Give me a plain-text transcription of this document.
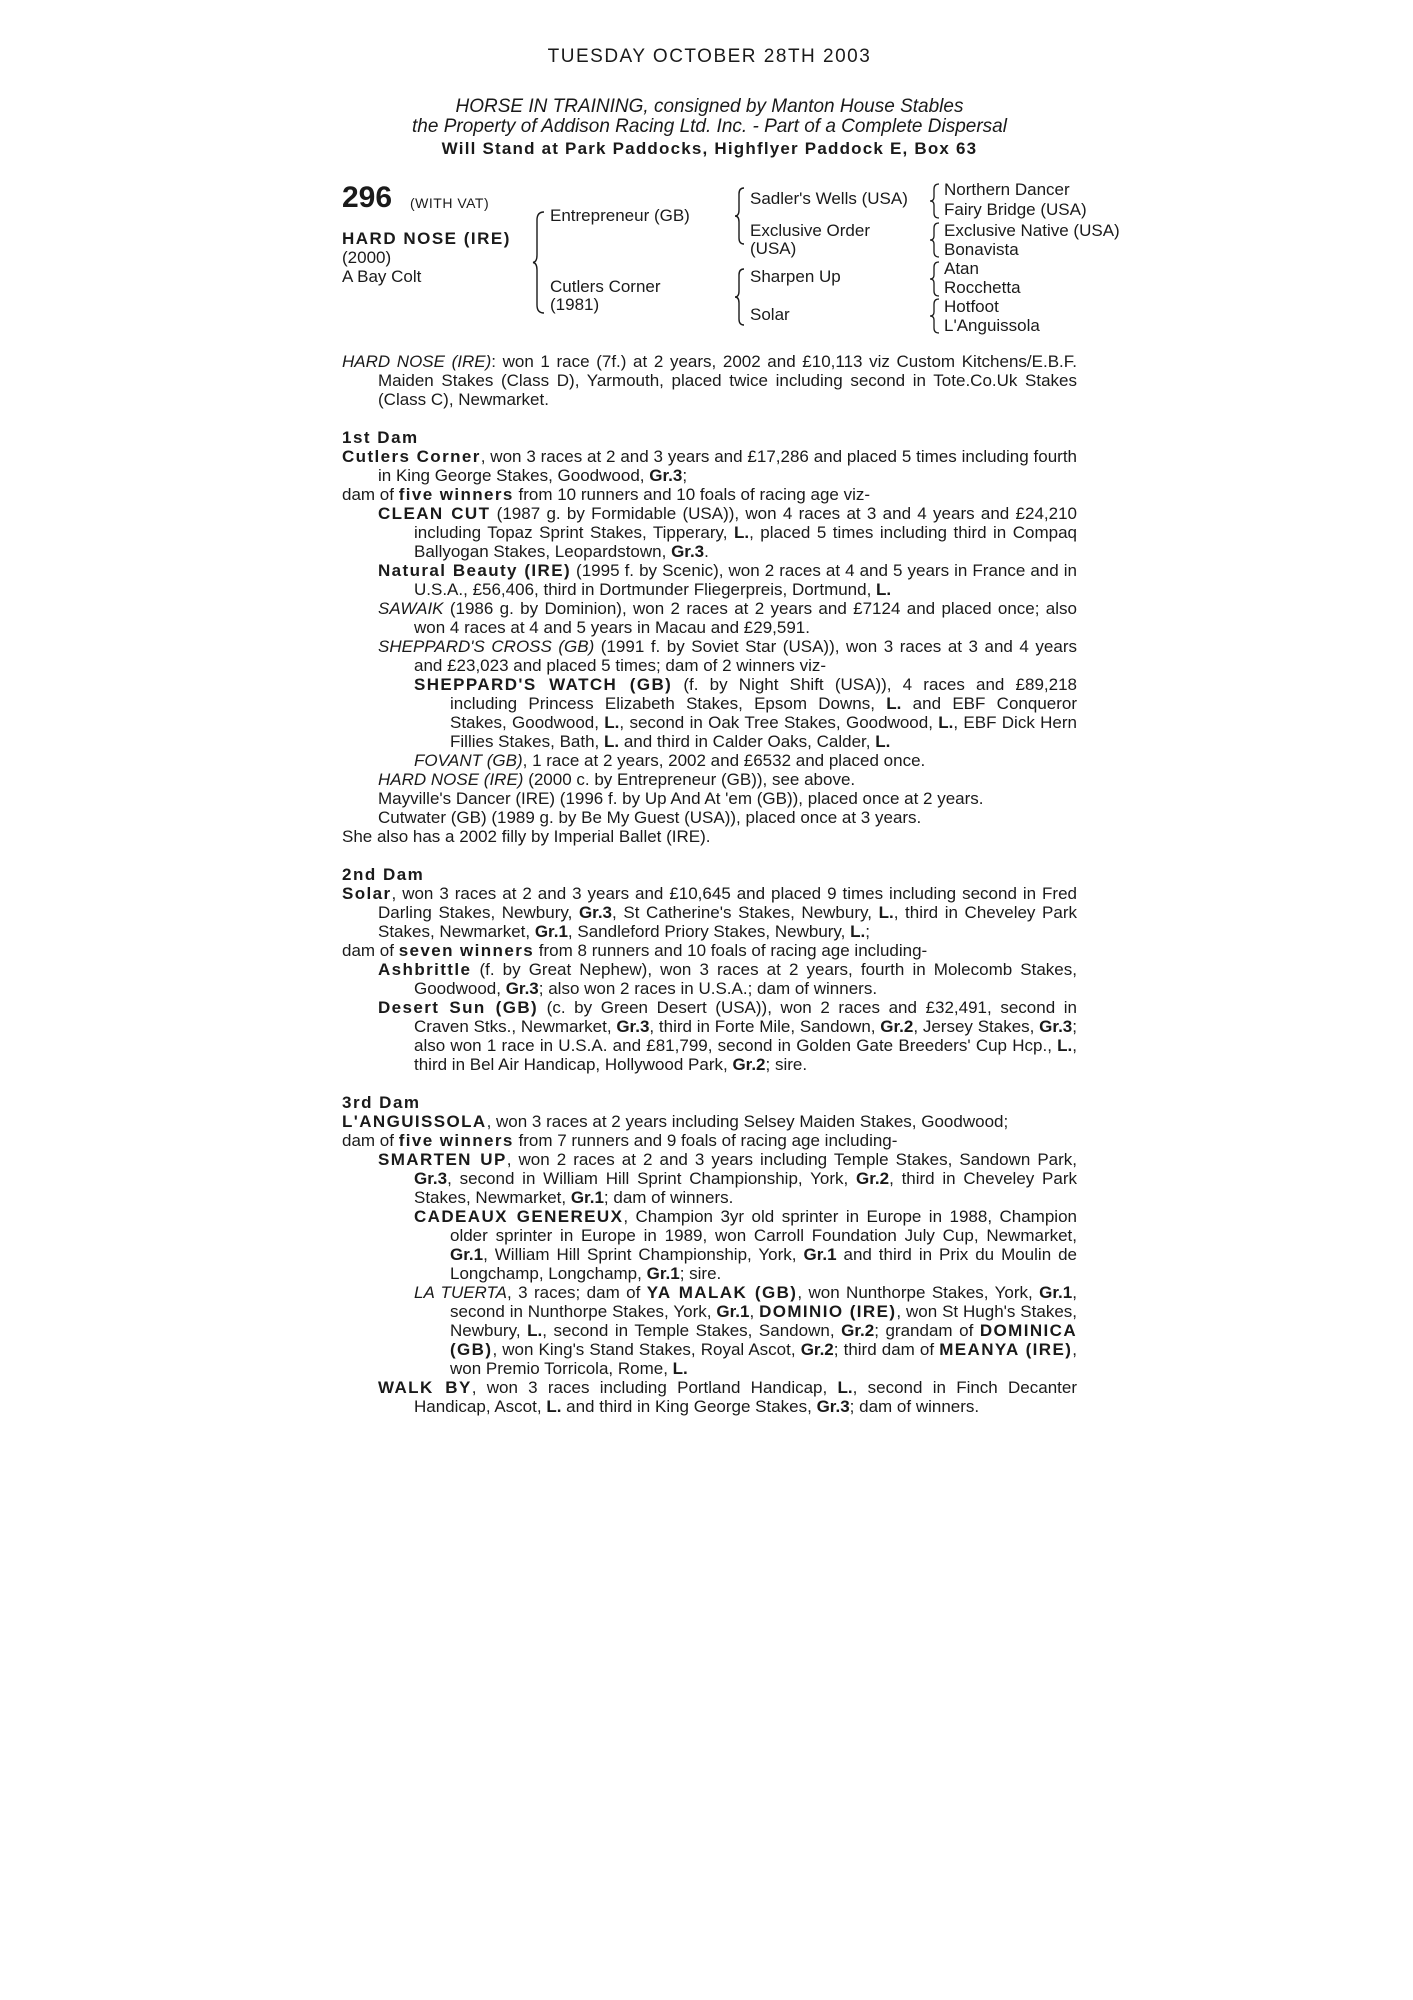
TUESDAY OCTOBER 28TH 2003
HORSE IN TRAINING, consigned by Manton House Stables
the Property of Addison Racing Ltd. Inc. - Part of a Complete Dispersal
Will Stand at Park Paddocks, Highflyer Paddock E, Box 63
296 (WITH VAT)
HARD NOSE (IRE)
(2000)
A Bay Colt
Entrepreneur (GB)
Cutlers Corner
(1981)
Sadler's Wells (USA)
Exclusive Order
(USA)
Sharpen Up
Solar
Northern Dancer
Fairy Bridge (USA)
Exclusive Native (USA)
Bonavista
Atan
Rocchetta
Hotfoot
L'Anguissola

HARD NOSE (IRE): won 1 race (7f.) at 2 years, 2002 and £10,113 viz Custom Kitchens/E.B.F. Maiden Stakes (Class D), Yarmouth, placed twice including second in Tote.Co.Uk Stakes (Class C), Newmarket.

1st Dam

Cutlers Corner, won 3 races at 2 and 3 years and £17,286 and placed 5 times including fourth in King George Stakes, Goodwood, Gr.3;

dam of five winners from 10 runners and 10 foals of racing age viz-

CLEAN CUT (1987 g. by Formidable (USA)), won 4 races at 3 and 4 years and £24,210 including Topaz Sprint Stakes, Tipperary, L., placed 5 times including third in Compaq Ballyogan Stakes, Leopardstown, Gr.3.

Natural Beauty (IRE) (1995 f. by Scenic), won 2 races at 4 and 5 years in France and in U.S.A., £56,406, third in Dortmunder Fliegerpreis, Dortmund, L.

SAWAIK (1986 g. by Dominion), won 2 races at 2 years and £7124 and placed once; also won 4 races at 4 and 5 years in Macau and £29,591.

SHEPPARD'S CROSS (GB) (1991 f. by Soviet Star (USA)), won 3 races at 3 and 4 years and £23,023 and placed 5 times; dam of 2 winners viz-

SHEPPARD'S WATCH (GB) (f. by Night Shift (USA)), 4 races and £89,218 including Princess Elizabeth Stakes, Epsom Downs, L. and EBF Conqueror Stakes, Goodwood, L., second in Oak Tree Stakes, Goodwood, L., EBF Dick Hern Fillies Stakes, Bath, L. and third in Calder Oaks, Calder, L.

FOVANT (GB), 1 race at 2 years, 2002 and £6532 and placed once.

HARD NOSE (IRE) (2000 c. by Entrepreneur (GB)), see above.

Mayville's Dancer (IRE) (1996 f. by Up And At 'em (GB)), placed once at 2 years.

Cutwater (GB) (1989 g. by Be My Guest (USA)), placed once at 3 years.

She also has a 2002 filly by Imperial Ballet (IRE).

2nd Dam

Solar, won 3 races at 2 and 3 years and £10,645 and placed 9 times including second in Fred Darling Stakes, Newbury, Gr.3, St Catherine's Stakes, Newbury, L., third in Cheveley Park Stakes, Newmarket, Gr.1, Sandleford Priory Stakes, Newbury, L.;

dam of seven winners from 8 runners and 10 foals of racing age including-

Ashbrittle (f. by Great Nephew), won 3 races at 2 years, fourth in Molecomb Stakes, Goodwood, Gr.3; also won 2 races in U.S.A.; dam of winners.

Desert Sun (GB) (c. by Green Desert (USA)), won 2 races and £32,491, second in Craven Stks., Newmarket, Gr.3, third in Forte Mile, Sandown, Gr.2, Jersey Stakes, Gr.3; also won 1 race in U.S.A. and £81,799, second in Golden Gate Breeders' Cup Hcp., L., third in Bel Air Handicap, Hollywood Park, Gr.2; sire.

3rd Dam

L'ANGUISSOLA, won 3 races at 2 years including Selsey Maiden Stakes, Goodwood;

dam of five winners from 7 runners and 9 foals of racing age including-

SMARTEN UP, won 2 races at 2 and 3 years including Temple Stakes, Sandown Park, Gr.3, second in William Hill Sprint Championship, York, Gr.2, third in Cheveley Park Stakes, Newmarket, Gr.1; dam of winners.

CADEAUX GENEREUX, Champion 3yr old sprinter in Europe in 1988, Champion older sprinter in Europe in 1989, won Carroll Foundation July Cup, Newmarket, Gr.1, William Hill Sprint Championship, York, Gr.1 and third in Prix du Moulin de Longchamp, Longchamp, Gr.1; sire.

LA TUERTA, 3 races; dam of YA MALAK (GB), won Nunthorpe Stakes, York, Gr.1, second in Nunthorpe Stakes, York, Gr.1, DOMINIO (IRE), won St Hugh's Stakes, Newbury, L., second in Temple Stakes, Sandown, Gr.2; grandam of DOMINICA (GB), won King's Stand Stakes, Royal Ascot, Gr.2; third dam of MEANYA (IRE), won Premio Torricola, Rome, L.

WALK BY, won 3 races including Portland Handicap, L., second in Finch Decanter Handicap, Ascot, L. and third in King George Stakes, Gr.3; dam of winners.
